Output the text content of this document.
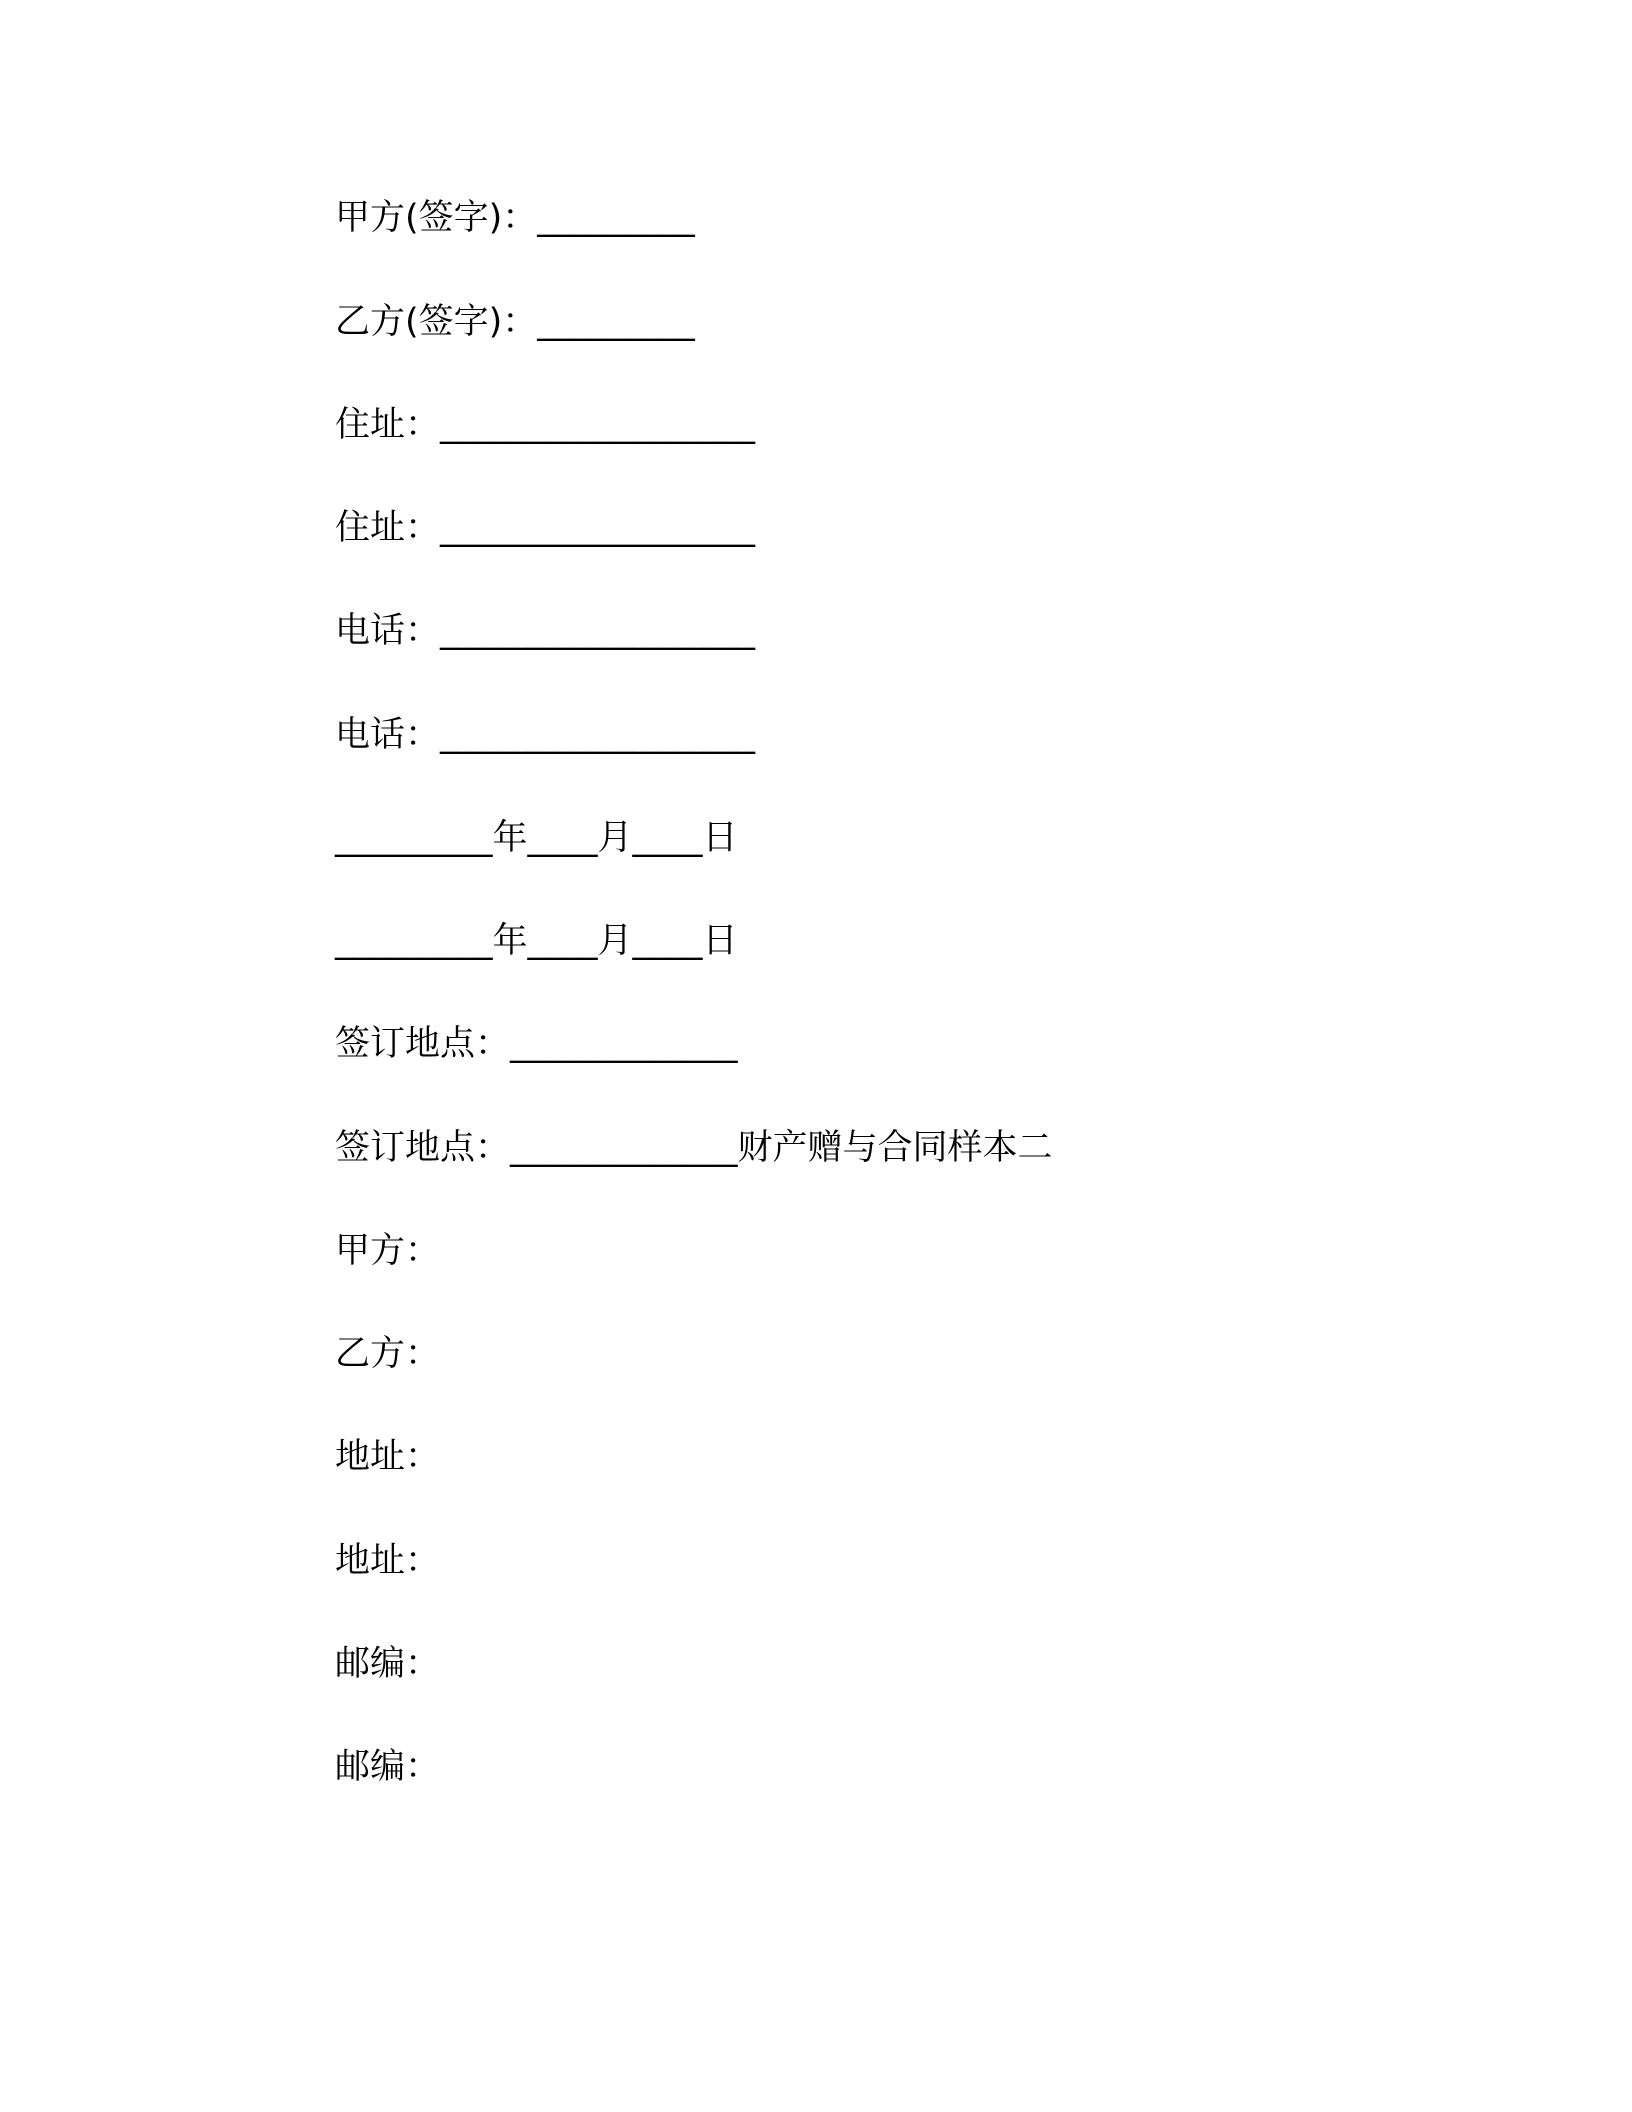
甲方(签字)：_________

乙方(签字)：_________

住址：__________________

住址：__________________

电话：__________________

电话：__________________

_________年____月____日

_________年____月____日

签订地点：_____________

签订地点：_____________财产赠与合同样本二

甲方：

乙方：

地址：

地址：

邮编：

邮编：
